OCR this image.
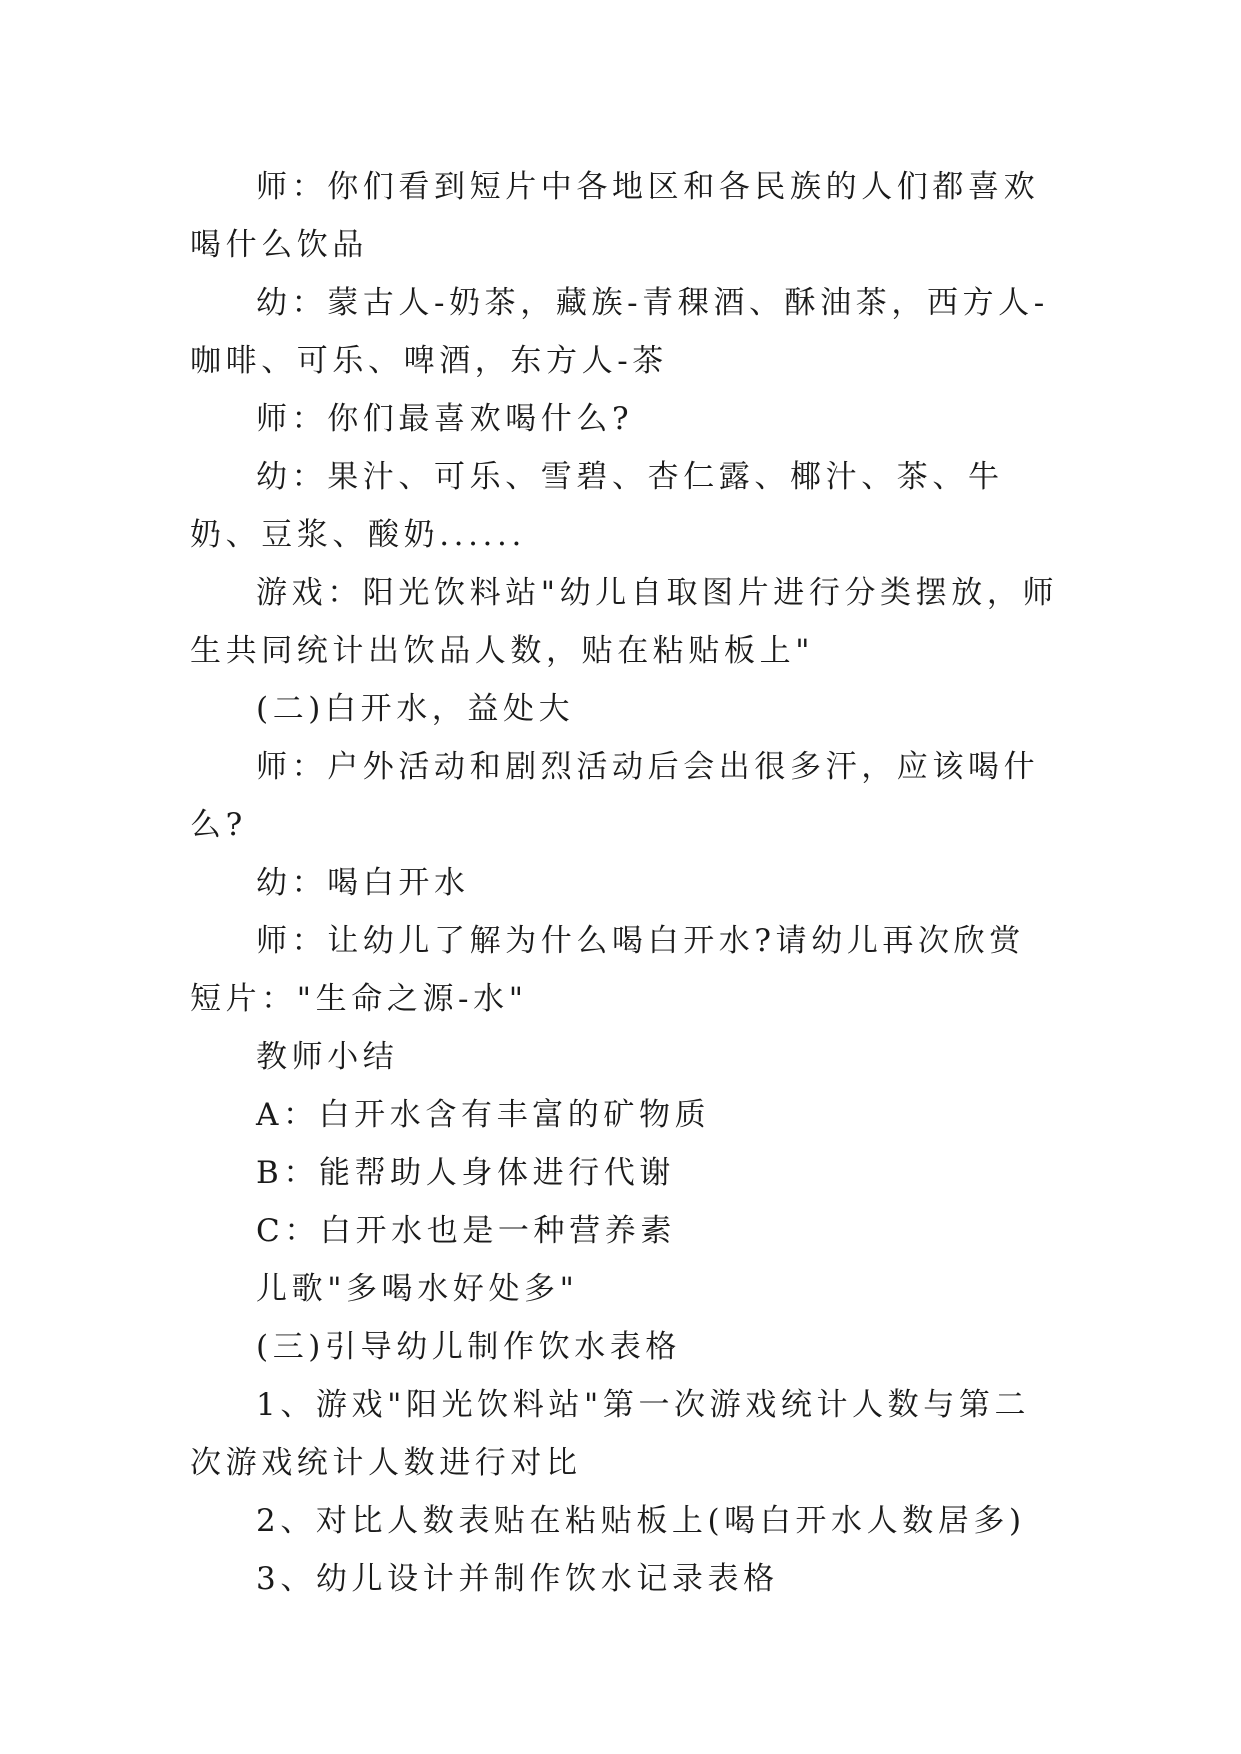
师：你们看到短片中各地区和各民族的人们都喜欢喝什么饮品

幼：蒙古人-奶茶，藏族-青稞酒、酥油茶，西方人-咖啡、可乐、啤酒，东方人-茶

师：你们最喜欢喝什么?

幼：果汁、可乐、雪碧、杏仁露、椰汁、茶、牛奶、豆浆、酸奶......

游戏：阳光饮料站"幼儿自取图片进行分类摆放，师生共同统计出饮品人数，贴在粘贴板上"

(二)白开水，益处大

师：户外活动和剧烈活动后会出很多汗，应该喝什么?

幼：喝白开水

师：让幼儿了解为什么喝白开水?请幼儿再次欣赏短片："生命之源-水"

教师小结

A：白开水含有丰富的矿物质

B：能帮助人身体进行代谢

C：白开水也是一种营养素

儿歌"多喝水好处多"

(三)引导幼儿制作饮水表格

1、游戏"阳光饮料站"第一次游戏统计人数与第二次游戏统计人数进行对比

2、对比人数表贴在粘贴板上(喝白开水人数居多)

3、幼儿设计并制作饮水记录表格
